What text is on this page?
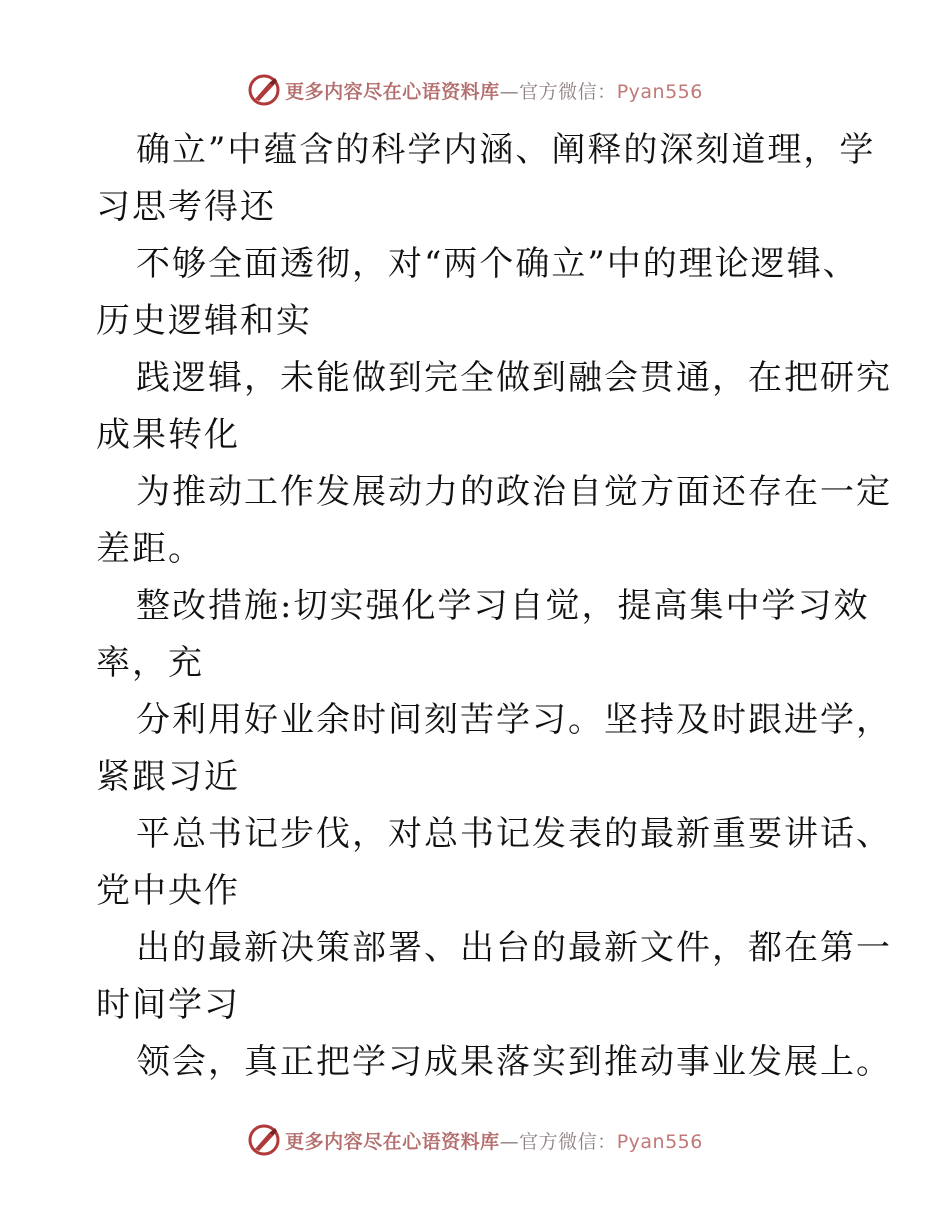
更多内容尽在心语资料库—官方微信：Pyan556
确立”中蕴含的科学内涵、阐释的深刻道理，学
习思考得还
不够全面透彻，对“两个确立”中的理论逻辑、
历史逻辑和实
践逻辑，未能做到完全做到融会贯通，在把研究
成果转化
为推动工作发展动力的政治自觉方面还存在一定
差距。
整改措施:切实强化学习自觉，提高集中学习效
率，充
分利用好业余时间刻苦学习。坚持及时跟进学，
紧跟习近
平总书记步伐，对总书记发表的最新重要讲话、
党中央作
出的最新决策部署、出台的最新文件，都在第一
时间学习
领会，真正把学习成果落实到推动事业发展上。
更多内容尽在心语资料库—官方微信：Pyan556
